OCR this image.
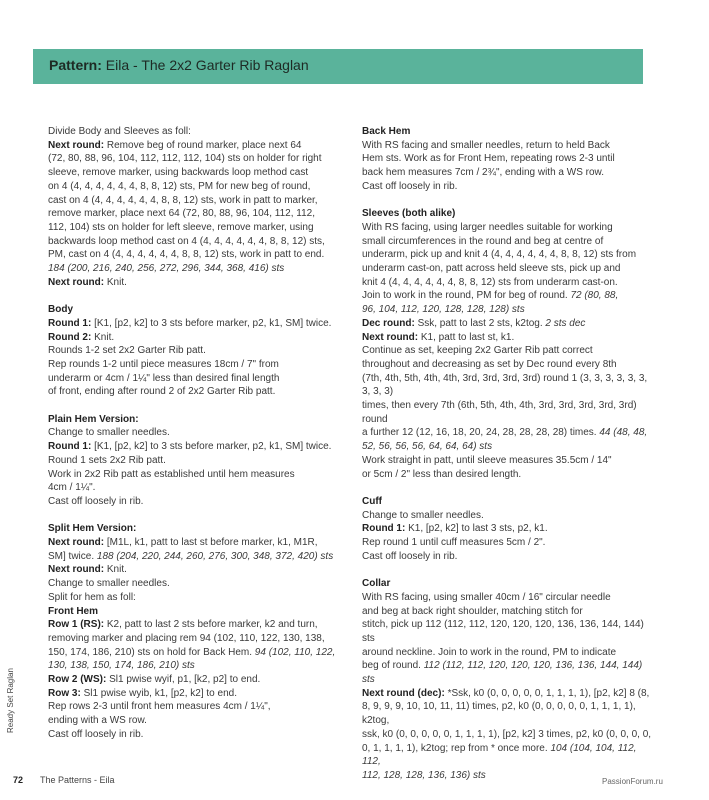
Pattern: Eila - The 2x2 Garter Rib Raglan

Divide Body and Sleeves as foll:

Next round: Remove beg of round marker, place next 64

(72, 80, 88, 96, 104, 112, 112, 112, 104) sts on holder for right

sleeve, remove marker, using backwards loop method cast

on 4 (4, 4, 4, 4, 4, 4, 8, 8, 12) sts, PM for new beg of round,

cast on 4 (4, 4, 4, 4, 4, 4, 8, 8, 12) sts, work in patt to marker,

remove marker, place next 64 (72, 80, 88, 96, 104, 112, 112,

112, 104) sts on holder for left sleeve, remove marker, using

backwards loop method cast on 4 (4, 4, 4, 4, 4, 4, 8, 8, 12) sts,

PM, cast on 4 (4, 4, 4, 4, 4, 4, 8, 8, 12) sts, work in patt to end.

184 (200, 216, 240, 256, 272, 296, 344, 368, 416) sts

Next round: Knit.

Body

Round 1: [K1, [p2, k2] to 3 sts before marker, p2, k1, SM] twice.

Round 2: Knit.

Rounds 1-2 set 2x2 Garter Rib patt.

Rep rounds 1-2 until piece measures 18cm / 7" from

underarm or 4cm / 1¼" less than desired final length

of front, ending after round 2 of 2x2 Garter Rib patt.

Plain Hem Version:

Change to smaller needles.

Round 1: [K1, [p2, k2] to 3 sts before marker, p2, k1, SM] twice.

Round 1 sets 2x2 Rib patt.

Work in 2x2 Rib patt as established until hem measures

4cm / 1¼".

Cast off loosely in rib.

Split Hem Version:

Next round: [M1L, k1, patt to last st before marker, k1, M1R,

SM] twice. 188 (204, 220, 244, 260, 276, 300, 348, 372, 420) sts

Next round: Knit.

Change to smaller needles.

Split for hem as foll:

Front Hem

Row 1 (RS): K2, patt to last 2 sts before marker, k2 and turn,

removing marker and placing rem 94 (102, 110, 122, 130, 138,

150, 174, 186, 210) sts on hold for Back Hem. 94 (102, 110, 122,

130, 138, 150, 174, 186, 210) sts

Row 2 (WS): Sl1 pwise wyif, p1, [k2, p2] to end.

Row 3: Sl1 pwise wyib, k1, [p2, k2] to end.

Rep rows 2-3 until front hem measures 4cm / 1¼",

ending with a WS row.

Cast off loosely in rib.

Back Hem

With RS facing and smaller needles, return to held Back

Hem sts. Work as for Front Hem, repeating rows 2-3 until

back hem measures 7cm / 2¾", ending with a WS row.

Cast off loosely in rib.

Sleeves (both alike)

With RS facing, using larger needles suitable for working

small circumferences in the round and beg at centre of

underarm, pick up and knit 4 (4, 4, 4, 4, 4, 4, 8, 8, 12) sts from

underarm cast-on, patt across held sleeve sts, pick up and

knit 4 (4, 4, 4, 4, 4, 4, 8, 8, 12) sts from underarm cast-on.

Join to work in the round, PM for beg of round. 72 (80, 88,

96, 104, 112, 120, 128, 128, 128) sts

Dec round: Ssk, patt to last 2 sts, k2tog. 2 sts dec

Next round: K1, patt to last st, k1.

Continue as set, keeping 2x2 Garter Rib patt correct

throughout and decreasing as set by Dec round every 8th

(7th, 4th, 5th, 4th, 4th, 3rd, 3rd, 3rd, 3rd) round 1 (3, 3, 3, 3, 3, 3, 3, 3, 3)

times, then every 7th (6th, 5th, 4th, 4th, 3rd, 3rd, 3rd, 3rd, 3rd) round

a further 12 (12, 16, 18, 20, 24, 28, 28, 28, 28) times. 44 (48, 48,

52, 56, 56, 56, 64, 64, 64) sts

Work straight in patt, until sleeve measures 35.5cm / 14"

or 5cm / 2" less than desired length.

Cuff

Change to smaller needles.

Round 1: K1, [p2, k2] to last 3 sts, p2, k1.

Rep round 1 until cuff measures 5cm / 2".

Cast off loosely in rib.

Collar

With RS facing, using smaller 40cm / 16" circular needle

and beg at back right shoulder, matching stitch for

stitch, pick up 112 (112, 112, 120, 120, 120, 136, 136, 144, 144) sts

around neckline. Join to work in the round, PM to indicate

beg of round. 112 (112, 112, 120, 120, 120, 136, 136, 144, 144) sts

Next round (dec): *Ssk, k0 (0, 0, 0, 0, 0, 1, 1, 1, 1), [p2, k2] 8 (8,

8, 9, 9, 9, 10, 10, 11, 11) times, p2, k0 (0, 0, 0, 0, 0, 1, 1, 1, 1), k2tog,

ssk, k0 (0, 0, 0, 0, 0, 1, 1, 1, 1), [p2, k2] 3 times, p2, k0 (0, 0, 0, 0,

0, 1, 1, 1, 1), k2tog; rep from * once more. 104 (104, 104, 112, 112,

112, 128, 128, 136, 136) sts

Ready Set Raglan
72 The Patterns - Eila	PassionForum.ru
